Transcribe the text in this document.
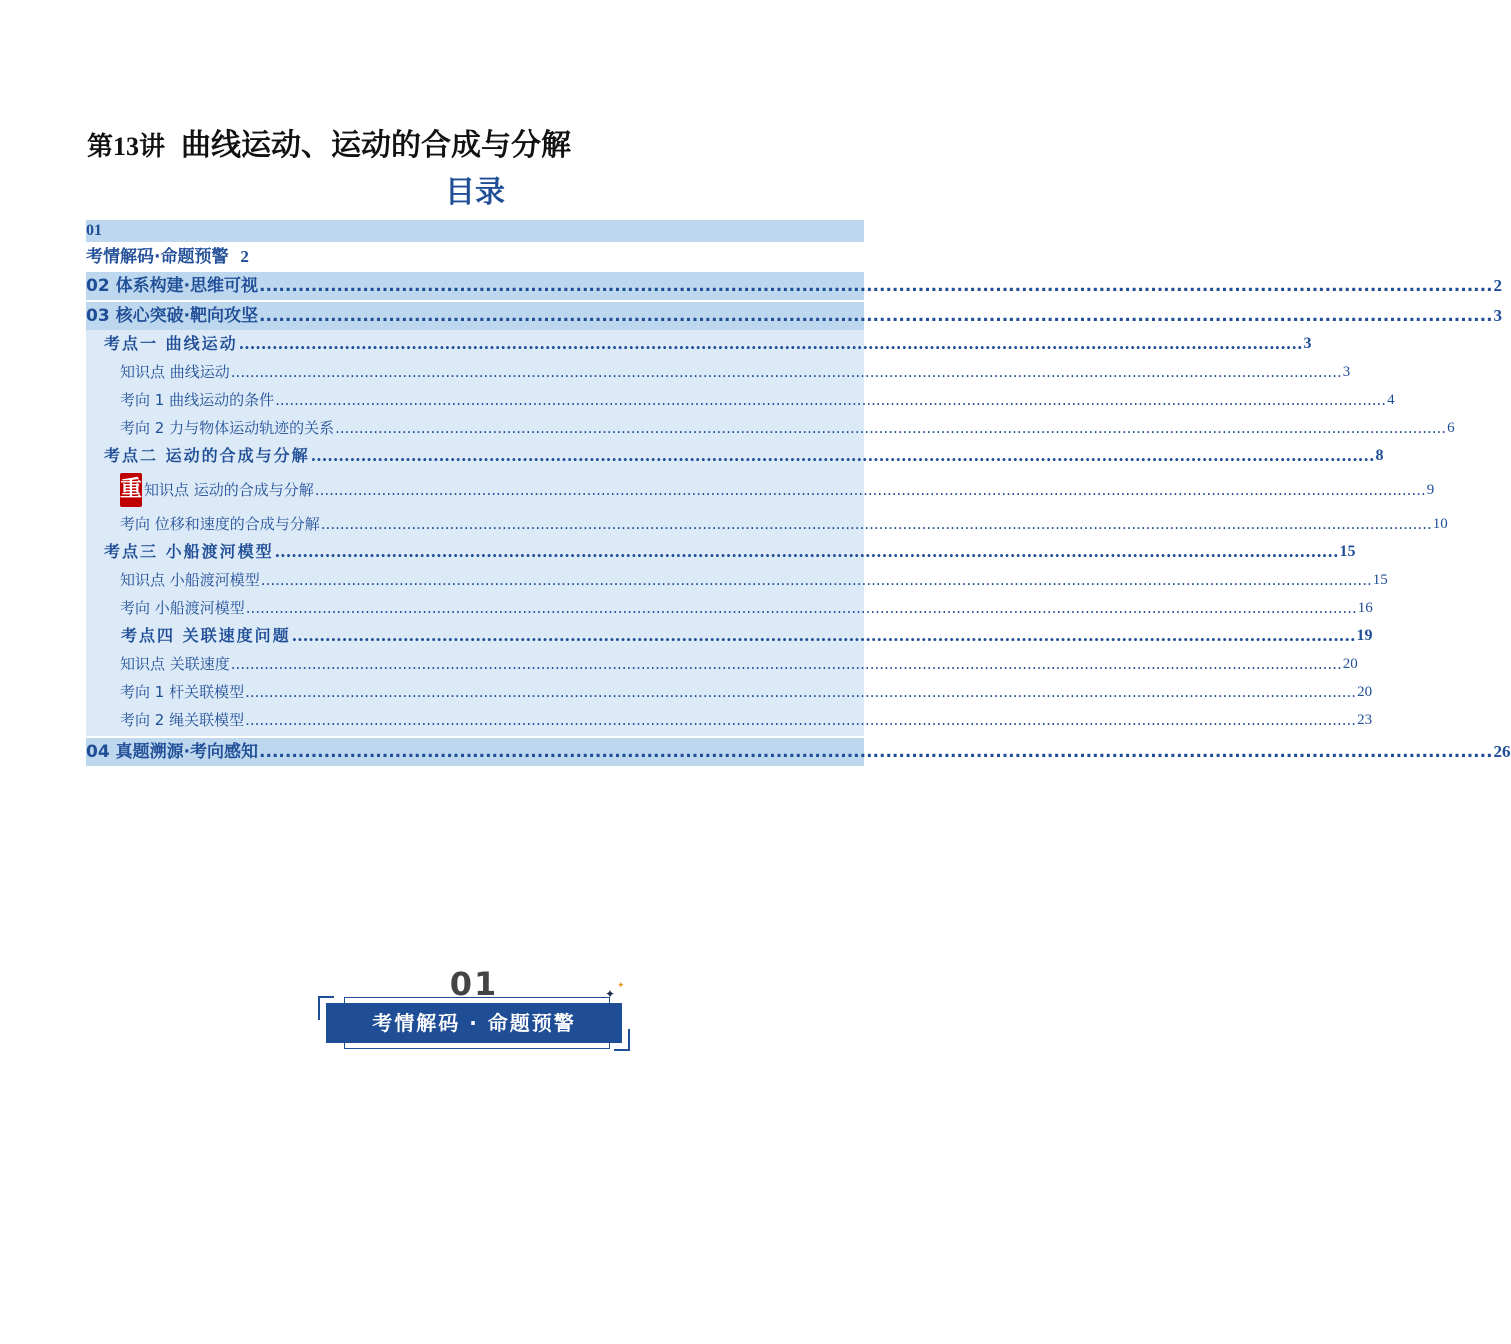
第13讲 曲线运动、运动的合成与分解
目录
01
考情解码·命题预警 2
02 体系构建·思维可视 ............................................................................................................................................................................................... 2
03 核心突破·靶向攻坚 ............................................................................................................................................................................................... 3
考点一 曲线运动 ............................................................................................................................................................................................... 3
知识点 曲线运动 ......................................................................................................................................................................................................................................... 3
考向 1 曲线运动的条件 ......................................................................................................................................................................................................................................... 4
考向 2 力与物体运动轨迹的关系 ......................................................................................................................................................................................................................................... 6
考点二 运动的合成与分解 ............................................................................................................................................................................................... 8
重 知识点 运动的合成与分解 ......................................................................................................................................................................................................................................... 9
考向 位移和速度的合成与分解 ......................................................................................................................................................................................................................................... 10
考点三 小船渡河模型 ............................................................................................................................................................................................... 15
知识点 小船渡河模型 ......................................................................................................................................................................................................................................... 15
考向 小船渡河模型 ......................................................................................................................................................................................................................................... 16
考点四 关联速度问题 ............................................................................................................................................................................................... 19
知识点 关联速度 ......................................................................................................................................................................................................................................... 20
考向 1 杆关联模型 ......................................................................................................................................................................................................................................... 20
考向 2 绳关联模型 ......................................................................................................................................................................................................................................... 23
04 真题溯源·考向感知 ............................................................................................................................................................................................... 26
01
考情解码 · 命题预警
✦
✦
